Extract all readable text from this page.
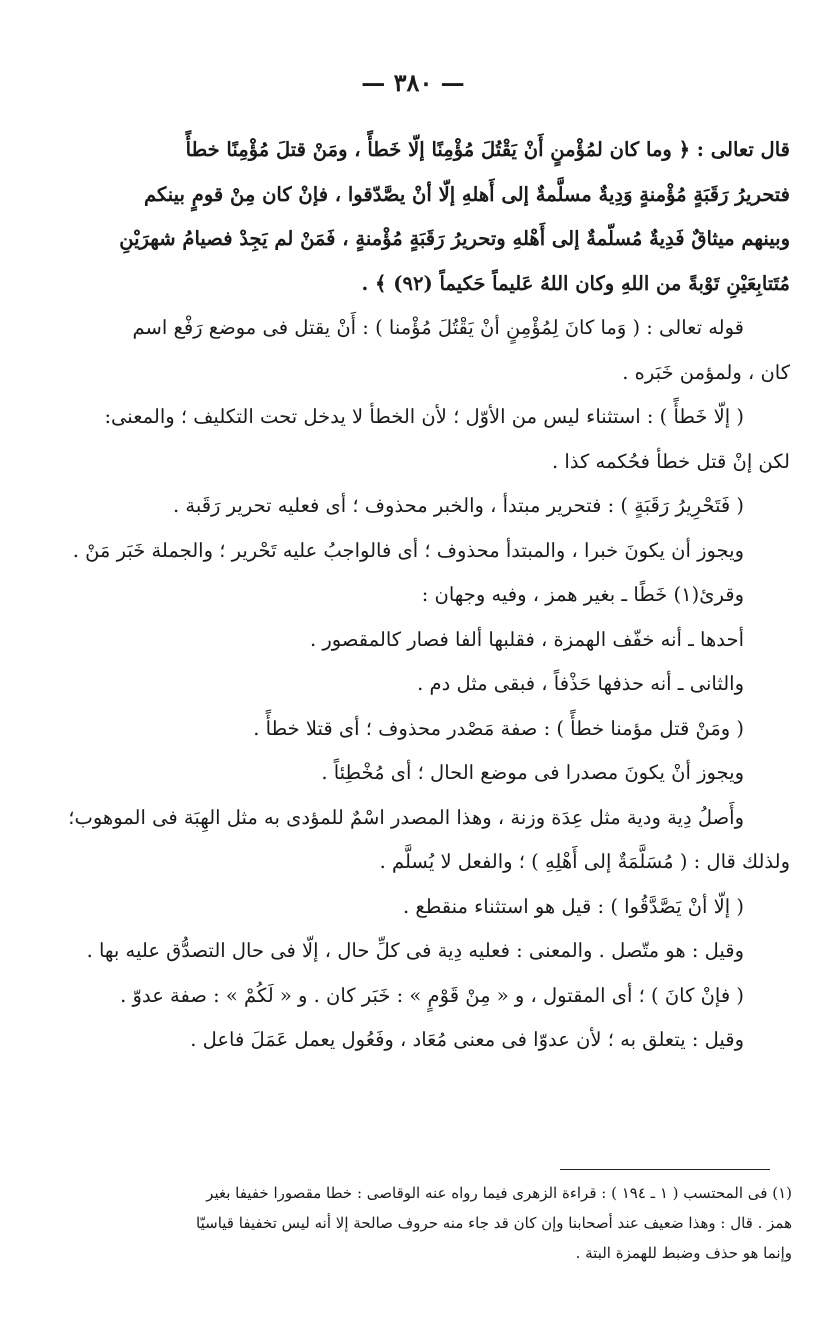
— ٣٨٠ —
قال تعالى : ﴿ وما كان لمُؤْمنٍ أَنْ يَقْتُلَ مُؤْمِنًا إلّا خَطأً ، ومَنْ قتلَ مُؤْمِنًا خطأً
فتحريرُ رَقَبَةٍ مُؤْمنةٍ وَدِيةٌ مسلَّمةٌ إلى أَهلهِ إلّا أنْ يصَّدّقوا ، فإنْ كان مِنْ قومٍ بينكم
وبينهم ميثاقٌ فَدِيةٌ مُسلّمةٌ إلى أَهْلهِ وتحريرُ رَقَبَةٍ مُؤْمنةٍ ، فَمَنْ لم يَجِدْ فصيامُ شهرَيْنِ
مُتَتابِعَيْنِ تَوْبةً من اللهِ وكان اللهُ عَليماً حَكيماً (٩٢) ﴾ .
قوله تعالى : ( وَما كانَ لِمُؤْمِنٍ أنْ يَقْتُلَ مُؤْمنا ) : أَنْ يقتل فى موضع رَفْع اسم
كان ، ولمؤمن خَبَره .
( إلّا خَطأً ) : استثناء ليس من الأوّل ؛ لأن الخطأ لا يدخل تحت التكليف ؛ والمعنى:
لكن إنْ قتل خطأ فحُكمه كذا .
( فَتَحْرِيرُ رَقَبَةٍ ) : فتحرير مبتدأ ، والخبر محذوف ؛ أى فعليه تحرير رَقَبة .
ويجوز أن يكونَ خبرا ، والمبتدأ محذوف ؛ أى فالواجبُ عليه تَحْرير ؛ والجملة خَبَر مَنْ .
وقرئ(١) خَطًا ـ بغير همز ، وفيه وجهان :
أحدها ـ أنه خفّف الهمزة ، فقلبها ألفا فصار كالمقصور .
والثانى ـ أنه حذفها حَذْفاً ، فبقى مثل دم .
( ومَنْ قتل مؤمنا خطأً ) : صفة مَصْدر محذوف ؛ أى قتلا خطأً .
ويجوز أنْ يكونَ مصدرا فى موضع الحال ؛ أى مُخْطِئاً .
وأَصلُ دِية ودية مثل عِدَة وزنة ، وهذا المصدر اسْمٌ للمؤدى به مثل الهِبَة فى الموهوب؛
ولذلك قال : ( مُسَلَّمَةٌ إلى أَهْلِهِ ) ؛ والفعل لا يُسلَّم .
( إلّا أنْ يَصَّدَّقُوا ) : قيل هو استثناء منقطع .
وقيل : هو متّصل . والمعنى : فعليه دِية فى كلِّ حال ، إلّا فى حال التصدُّق عليه بها .
( فإنْ كانَ ) ؛ أى المقتول ، و « مِنْ قَوْمٍ » : خَبَر كان . و « لَكُمْ » : صفة عدوّ .
وقيل : يتعلق به ؛ لأن عدوّا فى معنى مُعَاد ، وفَعُول يعمل عَمَلَ فاعل .
(١) فى المحتسب ( ١ ـ ١٩٤ ) : قراءة الزهرى فيما رواه عنه الوقاصى : خطا مقصورا خفيفا بغير
همز . قال : وهذا ضعيف عند أصحابنا وإن كان قد جاء منه حروف صالحة إلا أنه ليس تخفيفا قياسيّا
وإنما هو حذف وضبط للهمزة البتة .
